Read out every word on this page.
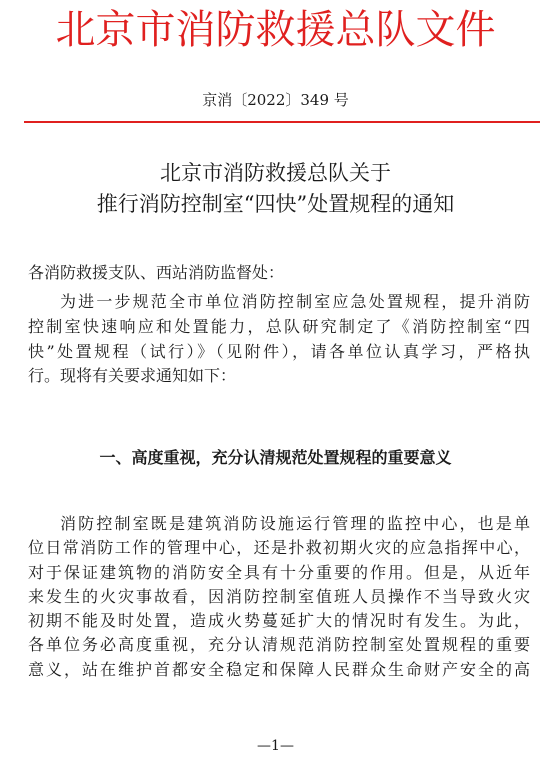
北京市消防救援总队文件
京消〔2022〕349 号
北京市消防救援总队关于
推行消防控制室“四快”处置规程的通知
各消防救援支队、西站消防监督处：
为进一步规范全市单位消防控制室应急处置规程，提升消防
控制室快速响应和处置能力，总队研究制定了《消防控制室“四
快”处置规程（试行）》（见附件），请各单位认真学习，严格执
行。现将有关要求通知如下：
一、高度重视，充分认清规范处置规程的重要意义
消防控制室既是建筑消防设施运行管理的监控中心，也是单
位日常消防工作的管理中心，还是扑救初期火灾的应急指挥中心，
对于保证建筑物的消防安全具有十分重要的作用。但是，从近年
来发生的火灾事故看，因消防控制室值班人员操作不当导致火灾
初期不能及时处置，造成火势蔓延扩大的情况时有发生。为此，
各单位务必高度重视，充分认清规范消防控制室处置规程的重要
意义，站在维护首都安全稳定和保障人民群众生命财产安全的高
—1—
